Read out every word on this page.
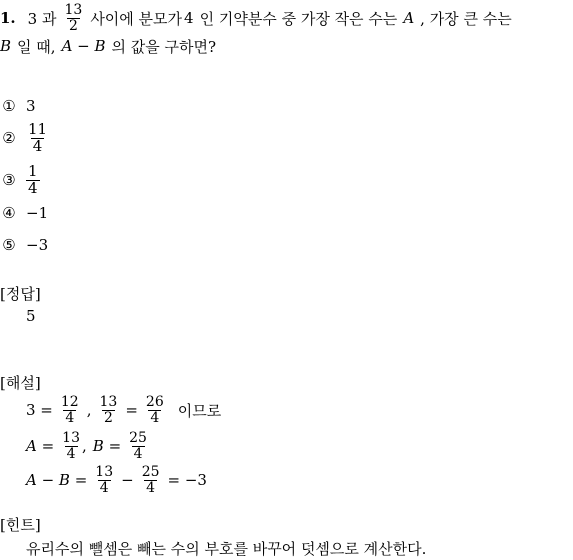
1. 3 과 $\frac{13}{2}$ 사이에 분모가 4 인 기약분수 중 가장 작은 수는 A , 가장 큰 수는
B 일 때, A − B 의 값을 구하면?
① 3
② $\frac{11}{4}$
③ $\frac{1}{4}$
④ −1
⑤ −3
[정답]
5
[해설]
$3 = \frac{12}{4}$ , $\frac{13}{2} = \frac{26}{4}$ 이므로
$A = \frac{13}{4}$ , $B = \frac{25}{4}$
$A - B = \frac{13}{4} - \frac{25}{4} = -3$
[힌트]
유리수의 뺄셈은 빼는 수의 부호를 바꾸어 덧셈으로 계산한다.
